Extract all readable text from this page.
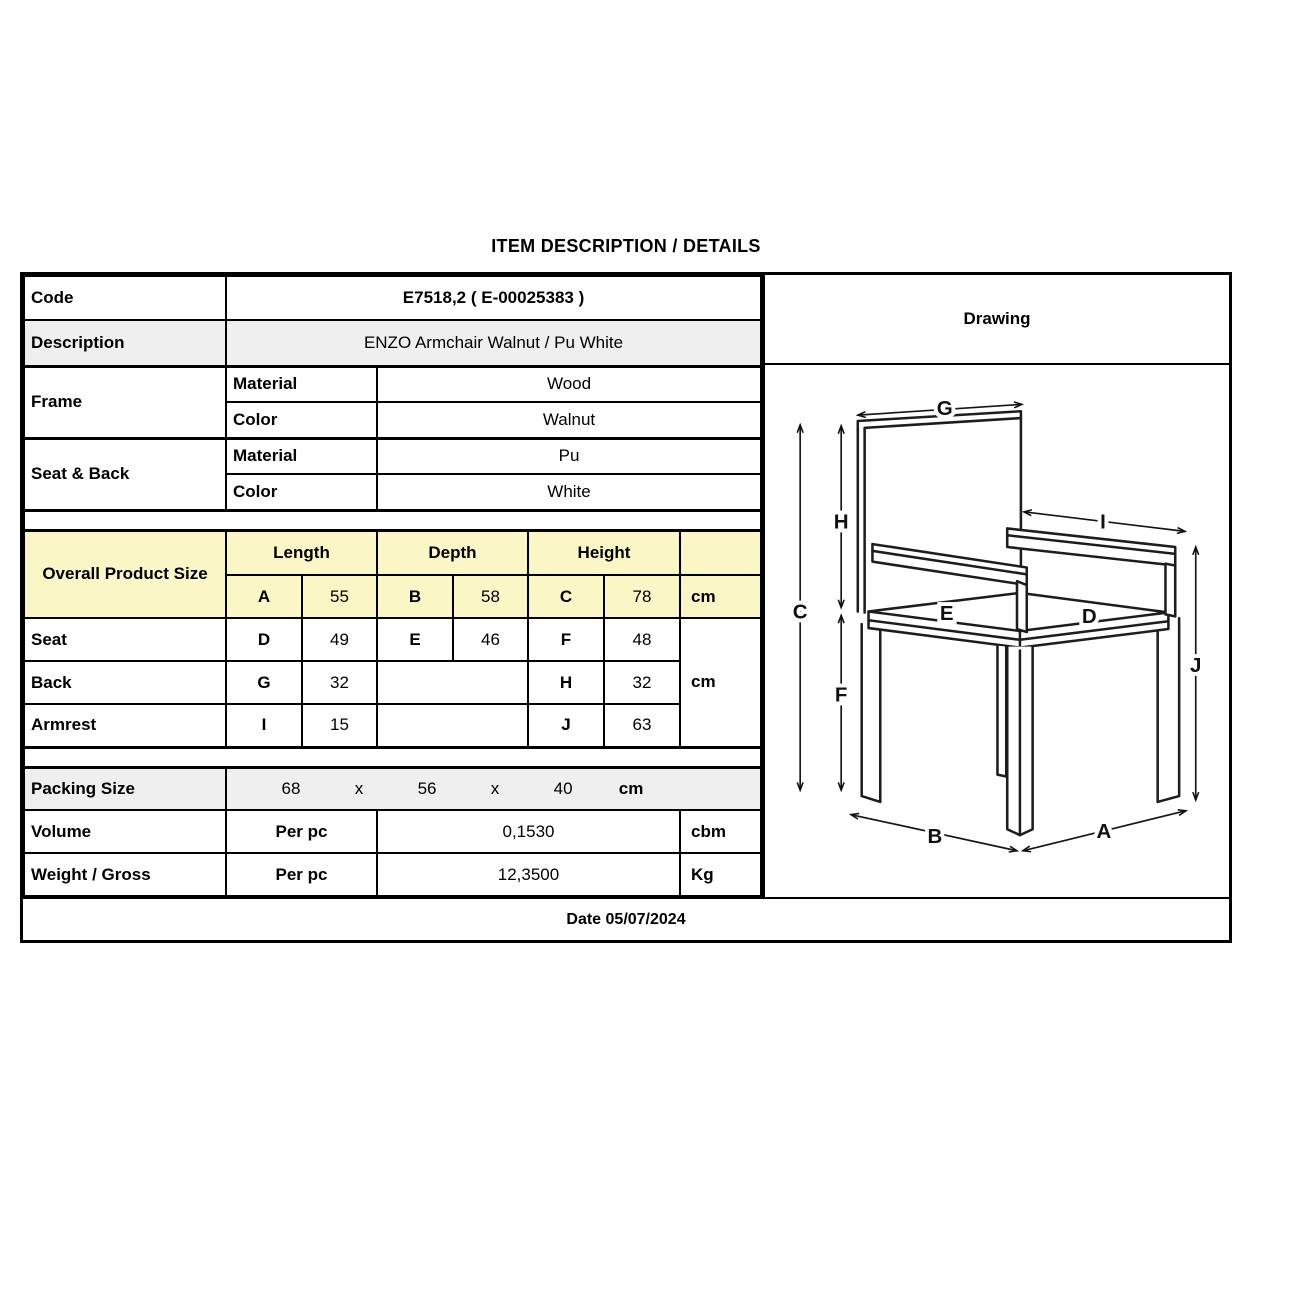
ITEM DESCRIPTION / DETAILS
Code	E7518,2 ( E-00025383 )						
Description	ENZO Armchair Walnut / Pu White						
Frame	Material		Wood				
	Color		Walnut				
Seat & Back	Material		Pu				
	Color		White				

Overall Product Size	Length		Depth		Height		
	A	55	B	58	C	78	cm
Seat	D	49	E	46	F	48	cm
Back	G	32			H	32	
Armrest	I	15			J	63	

Packing Size	68	x	56	x	40	cm

Volume	Per pc		0,1530				cbm
Weight / Gross	Per pc		12,3500				Kg
Drawing
G
H
C
F
I
J
E	D
B	A
Date 05/07/2024
